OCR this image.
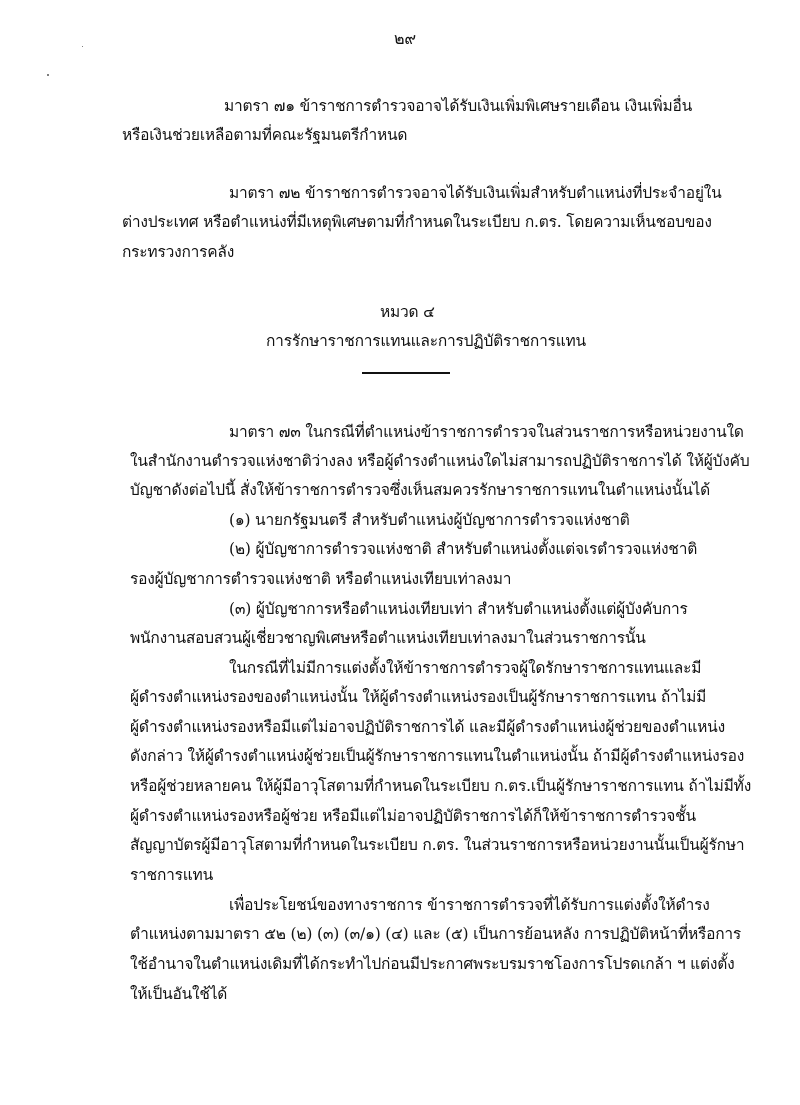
๒๙
มาตรา ๗๑ ข้าราชการตำรวจอาจได้รับเงินเพิ่มพิเศษรายเดือน เงินเพิ่มอื่น
หรือเงินช่วยเหลือตามที่คณะรัฐมนตรีกำหนด
มาตรา ๗๒ ข้าราชการตำรวจอาจได้รับเงินเพิ่มสำหรับตำแหน่งที่ประจำอยู่ใน
ต่างประเทศ หรือตำแหน่งที่มีเหตุพิเศษตามที่กำหนดในระเบียบ ก.ตร. โดยความเห็นชอบของ
กระทรวงการคลัง
หมวด ๔
การรักษาราชการแทนและการปฏิบัติราชการแทน
มาตรา ๗๓ ในกรณีที่ตำแหน่งข้าราชการตำรวจในส่วนราชการหรือหน่วยงานใด
ในสำนักงานตำรวจแห่งชาติว่างลง หรือผู้ดำรงตำแหน่งใดไม่สามารถปฏิบัติราชการได้ ให้ผู้บังคับ
บัญชาดังต่อไปนี้ สั่งให้ข้าราชการตำรวจซึ่งเห็นสมควรรักษาราชการแทนในตำแหน่งนั้นได้
(๑) นายกรัฐมนตรี สำหรับตำแหน่งผู้บัญชาการตำรวจแห่งชาติ
(๒) ผู้บัญชาการตำรวจแห่งชาติ สำหรับตำแหน่งตั้งแต่จเรตำรวจแห่งชาติ
รองผู้บัญชาการตำรวจแห่งชาติ หรือตำแหน่งเทียบเท่าลงมา
(๓) ผู้บัญชาการหรือตำแหน่งเทียบเท่า สำหรับตำแหน่งตั้งแต่ผู้บังคับการ
พนักงานสอบสวนผู้เชี่ยวชาญพิเศษหรือตำแหน่งเทียบเท่าลงมาในส่วนราชการนั้น
ในกรณีที่ไม่มีการแต่งตั้งให้ข้าราชการตำรวจผู้ใดรักษาราชการแทนและมี
ผู้ดำรงตำแหน่งรองของตำแหน่งนั้น ให้ผู้ดำรงตำแหน่งรองเป็นผู้รักษาราชการแทน ถ้าไม่มี
ผู้ดำรงตำแหน่งรองหรือมีแต่ไม่อาจปฏิบัติราชการได้ และมีผู้ดำรงตำแหน่งผู้ช่วยของตำแหน่ง
ดังกล่าว ให้ผู้ดำรงตำแหน่งผู้ช่วยเป็นผู้รักษาราชการแทนในตำแหน่งนั้น ถ้ามีผู้ดำรงตำแหน่งรอง
หรือผู้ช่วยหลายคน ให้ผู้มีอาวุโสตามที่กำหนดในระเบียบ ก.ตร.เป็นผู้รักษาราชการแทน ถ้าไม่มีทั้ง
ผู้ดำรงตำแหน่งรองหรือผู้ช่วย หรือมีแต่ไม่อาจปฏิบัติราชการได้ก็ให้ข้าราชการตำรวจชั้น
สัญญาบัตรผู้มีอาวุโสตามที่กำหนดในระเบียบ ก.ตร. ในส่วนราชการหรือหน่วยงานนั้นเป็นผู้รักษา
ราชการแทน
เพื่อประโยชน์ของทางราชการ ข้าราชการตำรวจที่ได้รับการแต่งตั้งให้ดำรง
ตำแหน่งตามมาตรา ๕๒ (๒) (๓) (๓/๑) (๔) และ (๕) เป็นการย้อนหลัง การปฏิบัติหน้าที่หรือการ
ใช้อำนาจในตำแหน่งเดิมที่ได้กระทำไปก่อนมีประกาศพระบรมราชโองการโปรดเกล้า ฯ แต่งตั้ง
ให้เป็นอันใช้ได้
